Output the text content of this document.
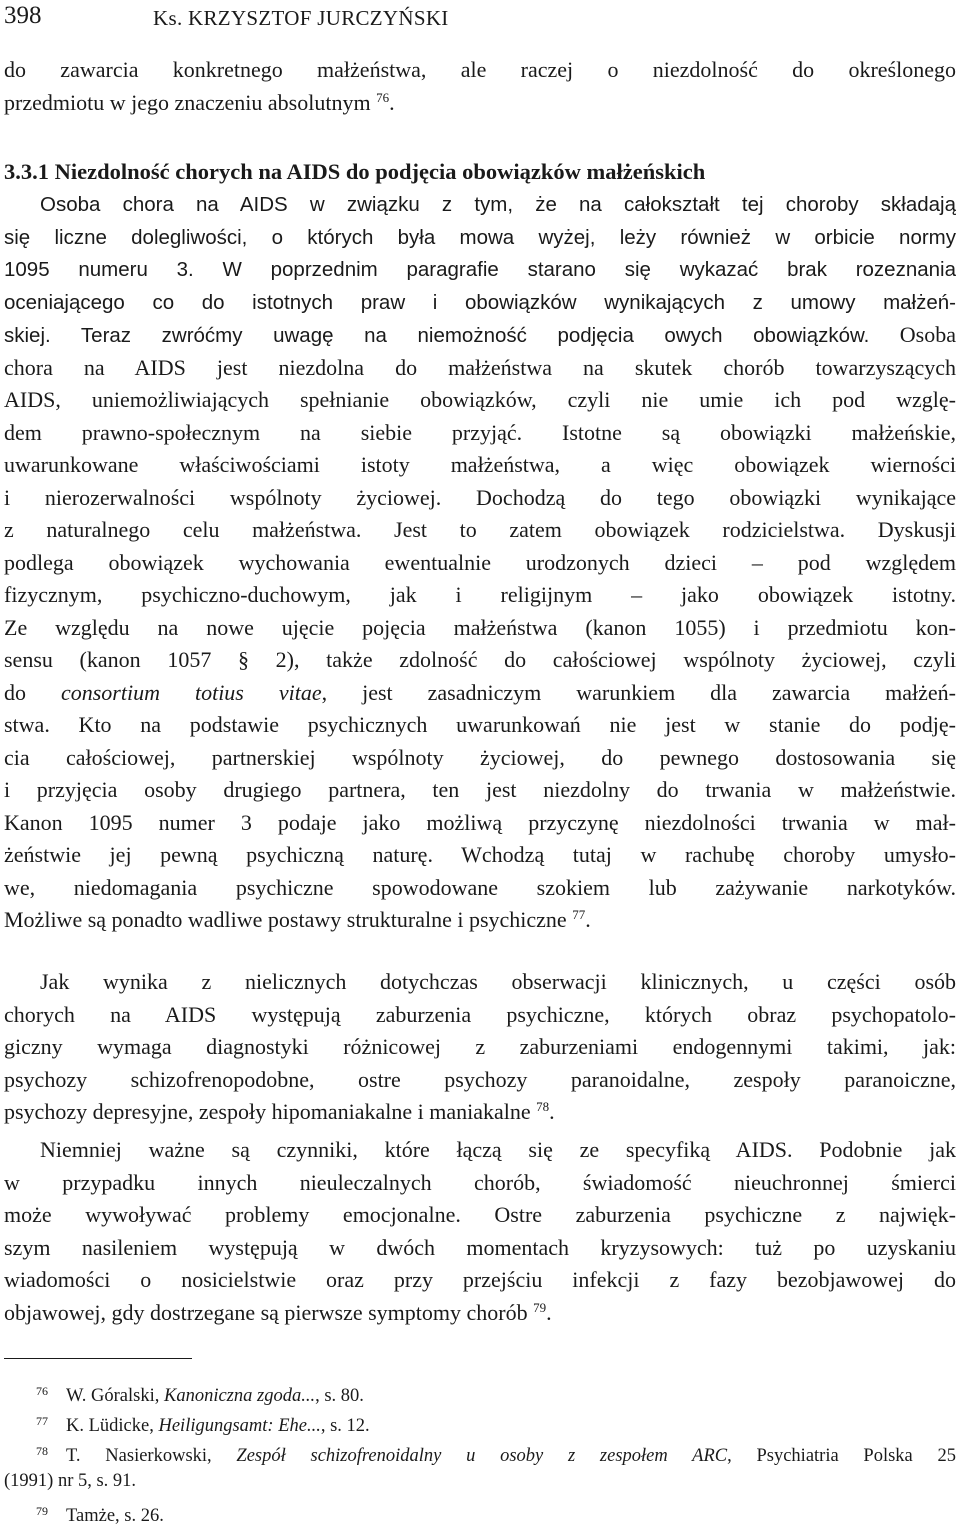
398	Ks. KRZYSZTOF JURCZYŃSKI
do zawarcia konkretnego małżeństwa, ale raczej o niezdolność do określonego
przedmiotu w jego znaczeniu absolutnym $^{76}$.
3.3.1 Niezdolność chorych na AIDS do podjęcia obowiązków małżeńskich
Osoba chora na AIDS w związku z tym, że na całokształt tej choroby składają
się liczne dolegliwości, o których była mowa wyżej, leży również w orbicie normy
1095 numeru 3. W poprzednim paragrafie starano się wykazać brak rozeznania
oceniającego co do istotnych praw i obowiązków wynikających z umowy małżeń-
skiej. Teraz zwróćmy uwagę na niemożność podjęcia owych obowiązków. Osoba
chora na AIDS jest niezdolna do małżeństwa na skutek chorób towarzyszących
AIDS, uniemożliwiających spełnianie obowiązków, czyli nie umie ich pod wzglę-
dem prawno-społecznym na siebie przyjąć. Istotne są obowiązki małżeńskie,
uwarunkowane właściwościami istoty małżeństwa, a więc obowiązek wierności
i nierozerwalności wspólnoty życiowej. Dochodzą do tego obowiązki wynikające
z naturalnego celu małżeństwa. Jest to zatem obowiązek rodzicielstwa. Dyskusji
podlega obowiązek wychowania ewentualnie urodzonych dzieci – pod względem
fizycznym, psychiczno-duchowym, jak i religijnym – jako obowiązek istotny.
Ze względu na nowe ujęcie pojęcia małżeństwa (kanon 1055) i przedmiotu kon-
sensu (kanon 1057 § 2), także zdolność do całościowej wspólnoty życiowej, czyli
do consortium totius vitae, jest zasadniczym warunkiem dla zawarcia małżeń-
stwa. Kto na podstawie psychicznych uwarunkowań nie jest w stanie do podję-
cia całościowej, partnerskiej wspólnoty życiowej, do pewnego dostosowania się
i przyjęcia osoby drugiego partnera, ten jest niezdolny do trwania w małżeństwie.
Kanon 1095 numer 3 podaje jako możliwą przyczynę niezdolności trwania w mał-
żeństwie jej pewną psychiczną naturę. Wchodzą tutaj w rachubę choroby umysło-
we, niedomagania psychiczne spowodowane szokiem lub zażywanie narkotyków.
Możliwe są ponadto wadliwe postawy strukturalne i psychiczne $^{77}$.
Jak wynika z nielicznych dotychczas obserwacji klinicznych, u części osób
chorych na AIDS występują zaburzenia psychiczne, których obraz psychopatolo-
giczny wymaga diagnostyki różnicowej z zaburzeniami endogennymi takimi, jak:
psychozy schizofrenopodobne, ostre psychozy paranoidalne, zespoły paranoiczne,
psychozy depresyjne, zespoły hipomaniakalne i maniakalne $^{78}$.
Niemniej ważne są czynniki, które łączą się ze specyfiką AIDS. Podobnie jak
w przypadku innych nieuleczalnych chorób, świadomość nieuchronnej śmierci
może wywoływać problemy emocjonalne. Ostre zaburzenia psychiczne z najwięk-
szym nasileniem występują w dwóch momentach kryzysowych: tuż po uzyskaniu
wiadomości o nosicielstwie oraz przy przejściu infekcji z fazy bezobjawowej do
objawowej, gdy dostrzegane są pierwsze symptomy chorób $^{79}$.
76 W. Góralski, Kanoniczna zgoda..., s. 80.
77 K. Lüdicke, Heiligungsamt: Ehe..., s. 12.
78 T. Nasierkowski, Zespół schizofrenoidalny u osoby z zespołem ARC, Psychiatria Polska 25
(1991) nr 5, s. 91.
79 Tamże, s. 26.
